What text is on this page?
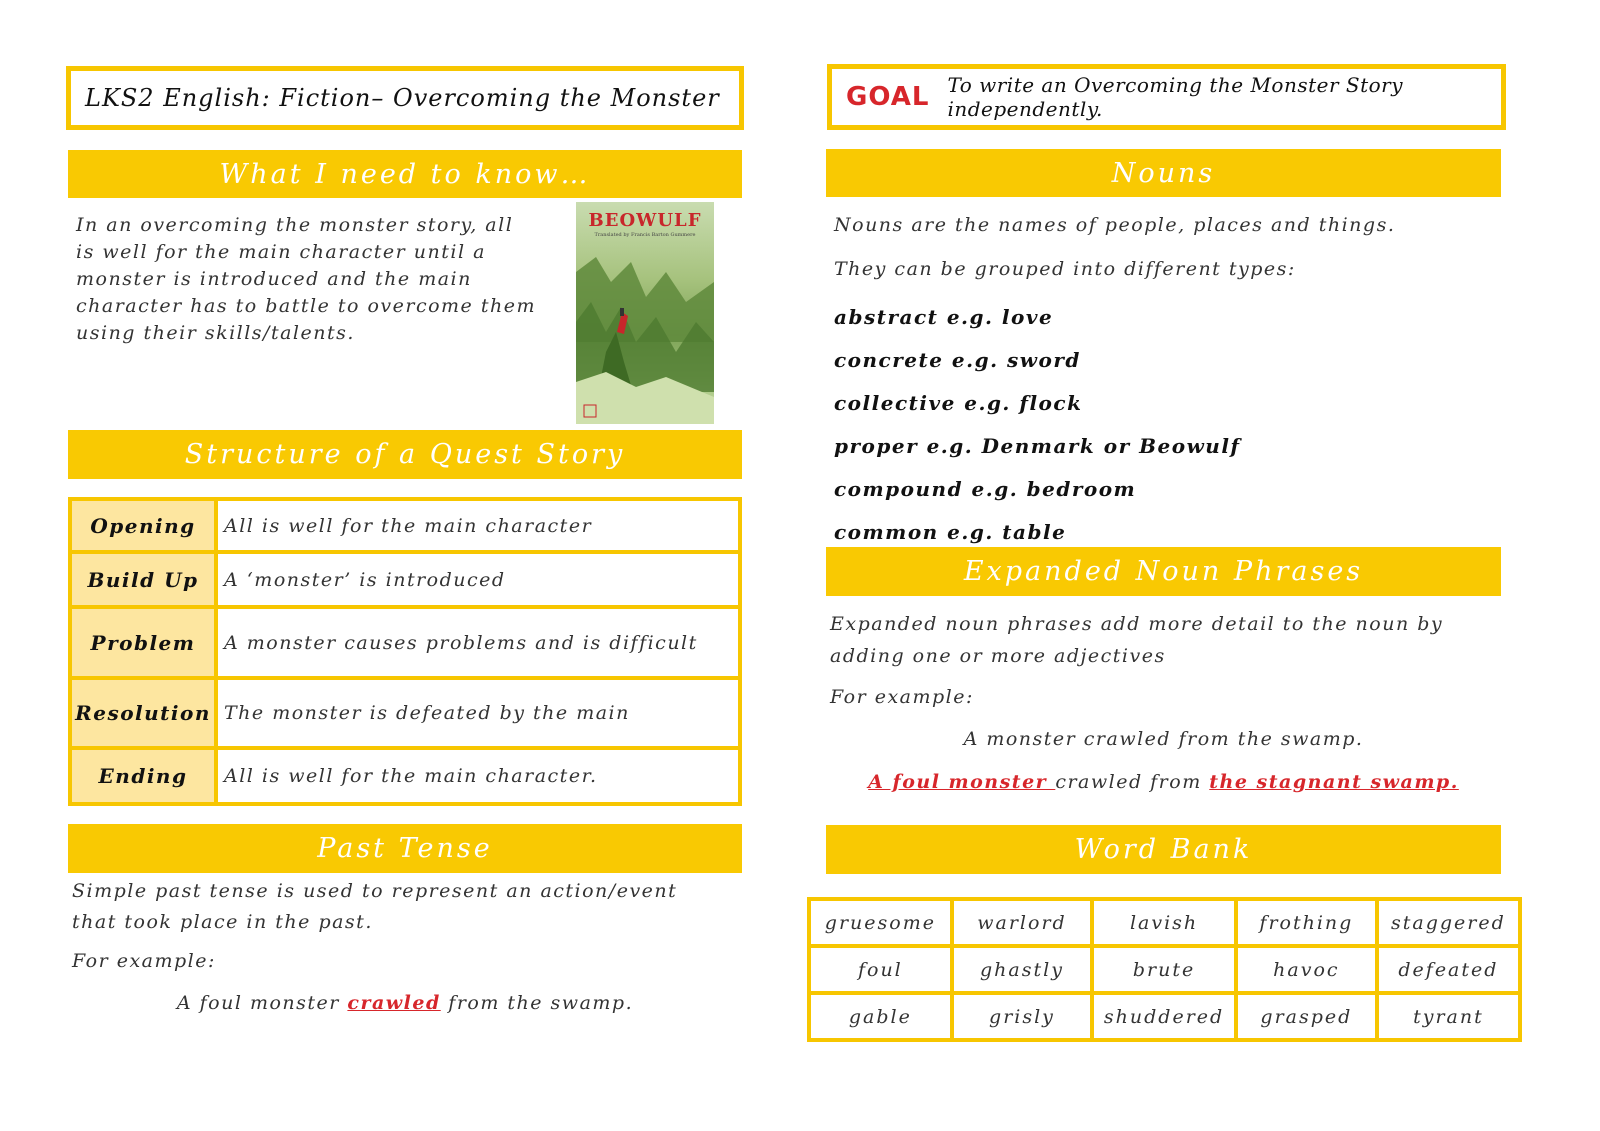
LKS2 English: Fiction– Overcoming the Monster
What I need to know…
In an overcoming the monster story, all
is well for the main character until a
monster is introduced and the main
character has to battle to overcome them
using their skills/talents.
BEOWULF
Translated by Francis Barton Gummere
Structure of a Quest Story
Opening	All is well for the main character
Build Up	A ‘monster’ is introduced
Problem	A monster causes problems and is difficult
Resolution	The monster is defeated by the main
Ending	All is well for the main character.
Past Tense
Simple past tense is used to represent an action/event
that took place in the past.
For example:
A foul monster crawled from the swamp.
GOAL To write an Overcoming the Monster Story independently.
Nouns
Nouns are the names of people, places and things.
They can be grouped into different types:
abstract e.g. love
concrete e.g. sword
collective e.g. flock
proper e.g. Denmark or Beowulf
compound e.g. bedroom
common e.g. table
Expanded Noun Phrases
Expanded noun phrases add more detail to the noun by
adding one or more adjectives
For example:
A monster crawled from the swamp.
A foul monster crawled from the stagnant swamp.
Word Bank
gruesome	warlord	lavish	frothing	staggered
foul	ghastly	brute	havoc	defeated
gable	grisly	shuddered	grasped	tyrant
